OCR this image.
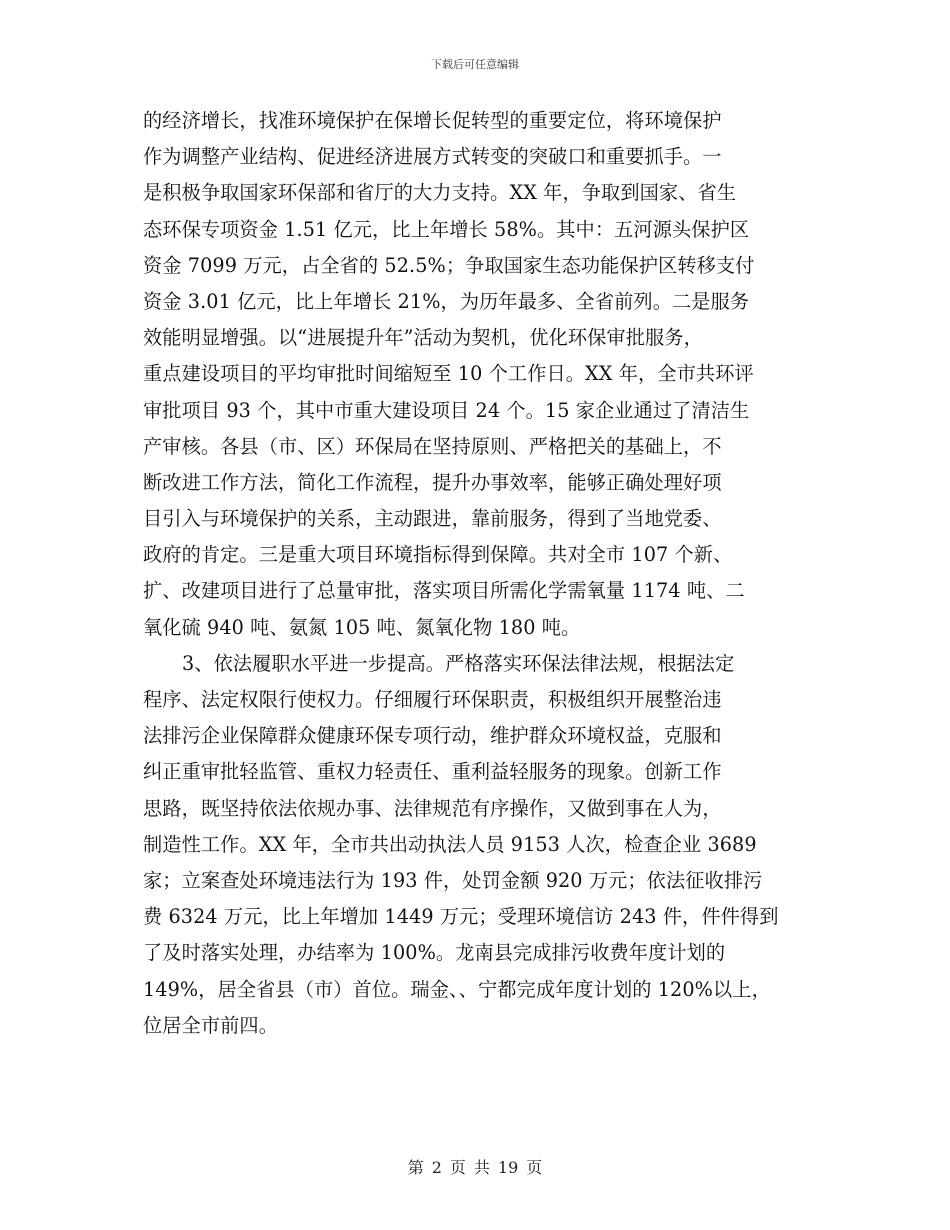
下载后可任意编辑
的经济增长，找准环境保护在保增长促转型的重要定位，将环境保护
作为调整产业结构、促进经济进展方式转变的突破口和重要抓手。一
是积极争取国家环保部和省厅的大力支持。XX 年，争取到国家、省生
态环保专项资金 1.51 亿元，比上年增长 58%。其中：五河源头保护区
资金 7099 万元，占全省的 52.5%；争取国家生态功能保护区转移支付
资金 3.01 亿元，比上年增长 21%，为历年最多、全省前列。二是服务
效能明显增强。以“进展提升年”活动为契机，优化环保审批服务，
重点建设项目的平均审批时间缩短至 10 个工作日。XX 年，全市共环评
审批项目 93 个，其中市重大建设项目 24 个。15 家企业通过了清洁生
产审核。各县（市、区）环保局在坚持原则、严格把关的基础上，不
断改进工作方法，简化工作流程，提升办事效率，能够正确处理好项
目引入与环境保护的关系，主动跟进，靠前服务，得到了当地党委、
政府的肯定。三是重大项目环境指标得到保障。共对全市 107 个新、
扩、改建项目进行了总量审批，落实项目所需化学需氧量 1174 吨、二
氧化硫 940 吨、氨氮 105 吨、氮氧化物 180 吨。
3、依法履职水平进一步提高。严格落实环保法律法规，根据法定
程序、法定权限行使权力。仔细履行环保职责，积极组织开展整治违
法排污企业保障群众健康环保专项行动，维护群众环境权益，克服和
纠正重审批轻监管、重权力轻责任、重利益轻服务的现象。创新工作
思路，既坚持依法依规办事、法律规范有序操作，又做到事在人为，
制造性工作。XX 年，全市共出动执法人员 9153 人次，检查企业 3689
家；立案查处环境违法行为 193 件，处罚金额 920 万元；依法征收排污
费 6324 万元，比上年增加 1449 万元；受理环境信访 243 件，件件得到
了及时落实处理，办结率为 100%。龙南县完成排污收费年度计划的
149%，居全省县（市）首位。瑞金、、宁都完成年度计划的 120%以上，
位居全市前四。
第 2 页 共 19 页
